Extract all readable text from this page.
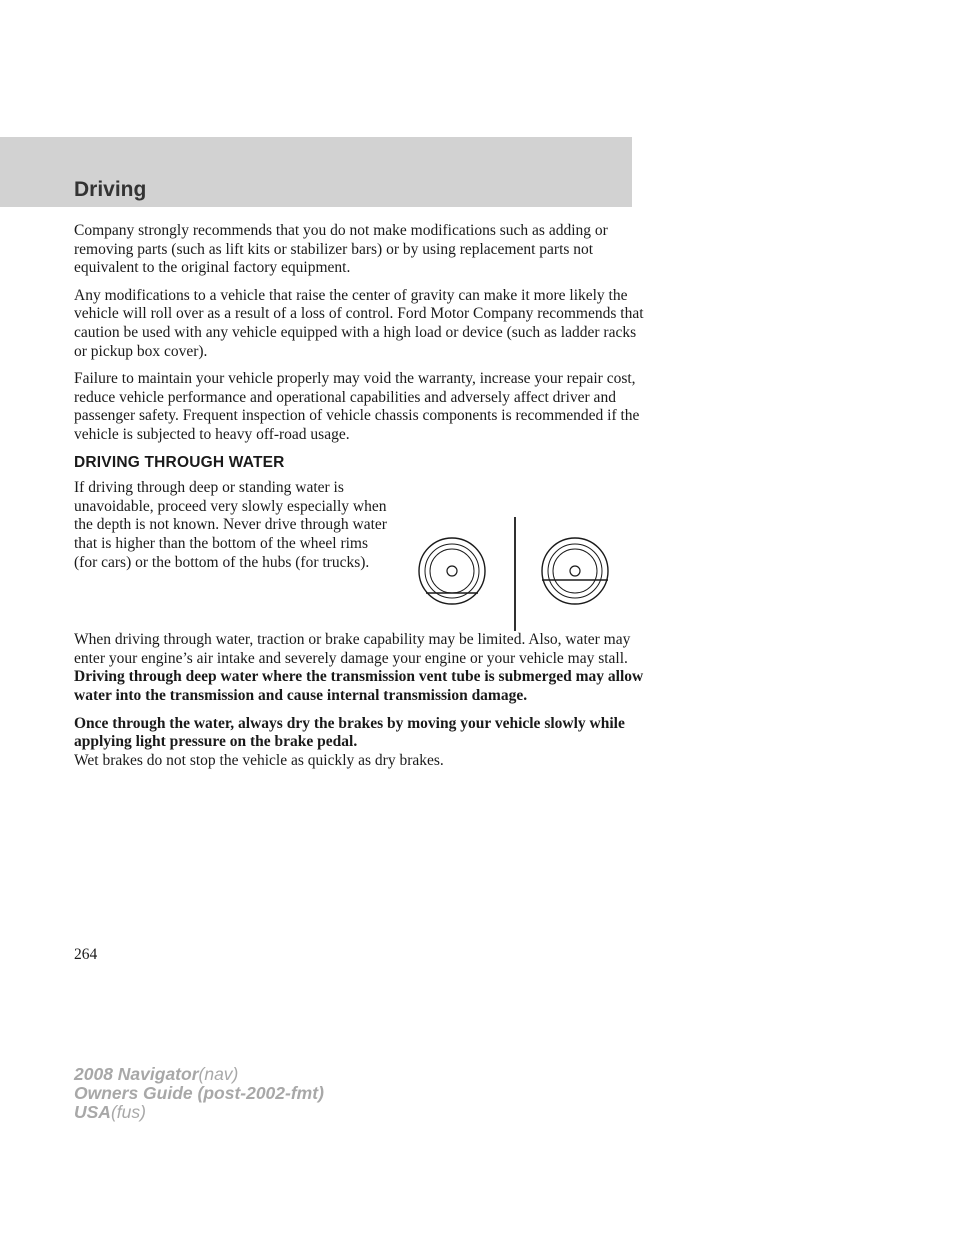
Driving

Company strongly recommends that you do not make modifications such as adding or removing parts (such as lift kits or stabilizer bars) or by using replacement parts not equivalent to the original factory equipment.

Any modifications to a vehicle that raise the center of gravity can make it more likely the vehicle will roll over as a result of a loss of control. Ford Motor Company recommends that caution be used with any vehicle equipped with a high load or device (such as ladder racks or pickup box cover).

Failure to maintain your vehicle properly may void the warranty, increase your repair cost, reduce vehicle performance and operational capabilities and adversely affect driver and passenger safety. Frequent inspection of vehicle chassis components is recommended if the vehicle is subjected to heavy off-road usage.

DRIVING THROUGH WATER

If driving through deep or standing water is unavoidable, proceed very slowly especially when the depth is not known. Never drive through water that is higher than the bottom of the wheel rims (for cars) or the bottom of the hubs (for trucks).

When driving through water, traction or brake capability may be limited. Also, water may enter your engine’s air intake and severely damage your engine or your vehicle may stall. Driving through deep water where the transmission vent tube is submerged may allow water into the transmission and cause internal transmission damage.

Once through the water, always dry the brakes by moving your vehicle slowly while applying light pressure on the brake pedal.
Wet brakes do not stop the vehicle as quickly as dry brakes.

264
2008 Navigator(nav)
Owners Guide (post-2002-fmt)
USA(fus)
